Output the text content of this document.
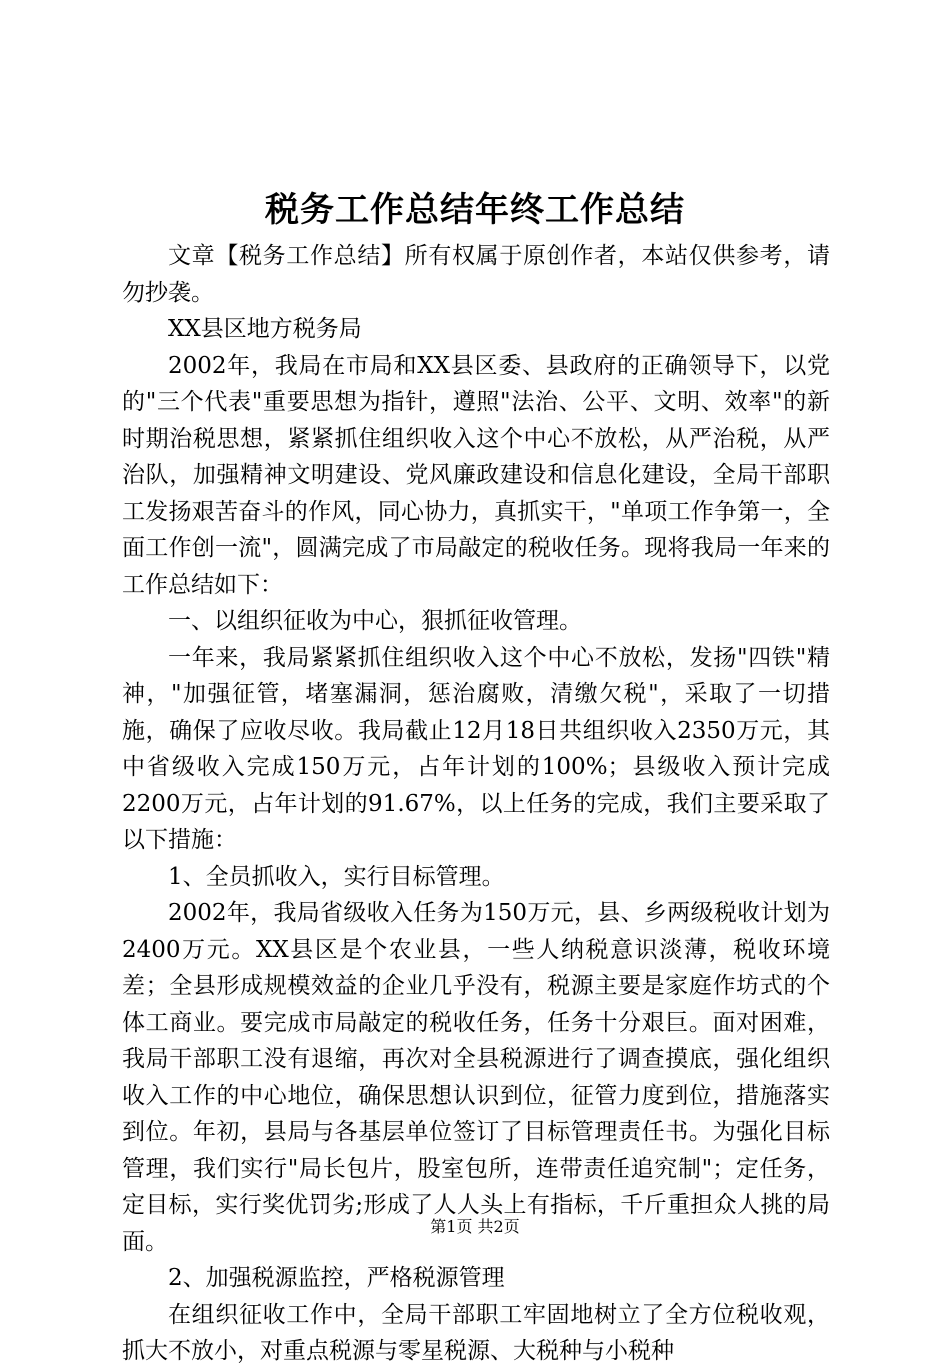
税务工作总结年终工作总结

文章【税务工作总结】所有权属于原创作者，本站仅供参考，请勿抄袭。

XX县区地方税务局

2002年，我局在市局和XX县区委、县政府的正确领导下，以党的"三个代表"重要思想为指针，遵照"法治、公平、文明、效率"的新时期治税思想，紧紧抓住组织收入这个中心不放松，从严治税，从严治队，加强精神文明建设、党风廉政建设和信息化建设，全局干部职工发扬艰苦奋斗的作风，同心协力，真抓实干，"单项工作争第一，全面工作创一流"，圆满完成了市局敲定的税收任务。现将我局一年来的工作总结如下：

一、以组织征收为中心，狠抓征收管理。

一年来，我局紧紧抓住组织收入这个中心不放松，发扬"四铁"精神，"加强征管，堵塞漏洞，惩治腐败，清缴欠税"，采取了一切措施，确保了应收尽收。我局截止12月18日共组织收入2350万元，其中省级收入完成150万元，占年计划的100%；县级收入预计完成2200万元，占年计划的91.67%，以上任务的完成，我们主要采取了以下措施：

1、全员抓收入，实行目标管理。

2002年，我局省级收入任务为150万元，县、乡两级税收计划为2400万元。XX县区是个农业县，一些人纳税意识淡薄，税收环境差；全县形成规模效益的企业几乎没有，税源主要是家庭作坊式的个体工商业。要完成市局敲定的税收任务，任务十分艰巨。面对困难，我局干部职工没有退缩，再次对全县税源进行了调查摸底，强化组织收入工作的中心地位，确保思想认识到位，征管力度到位，措施落实到位。年初，县局与各基层单位签订了目标管理责任书。为强化目标管理，我们实行"局长包片，股室包所，连带责任追究制"；定任务，定目标，实行奖优罚劣;形成了人人头上有指标，千斤重担众人挑的局面。

2、加强税源监控，严格税源管理

在组织征收工作中，全局干部职工牢固地树立了全方位税收观，抓大不放小，对重点税源与零星税源、大税种与小税种

第1页 共2页
